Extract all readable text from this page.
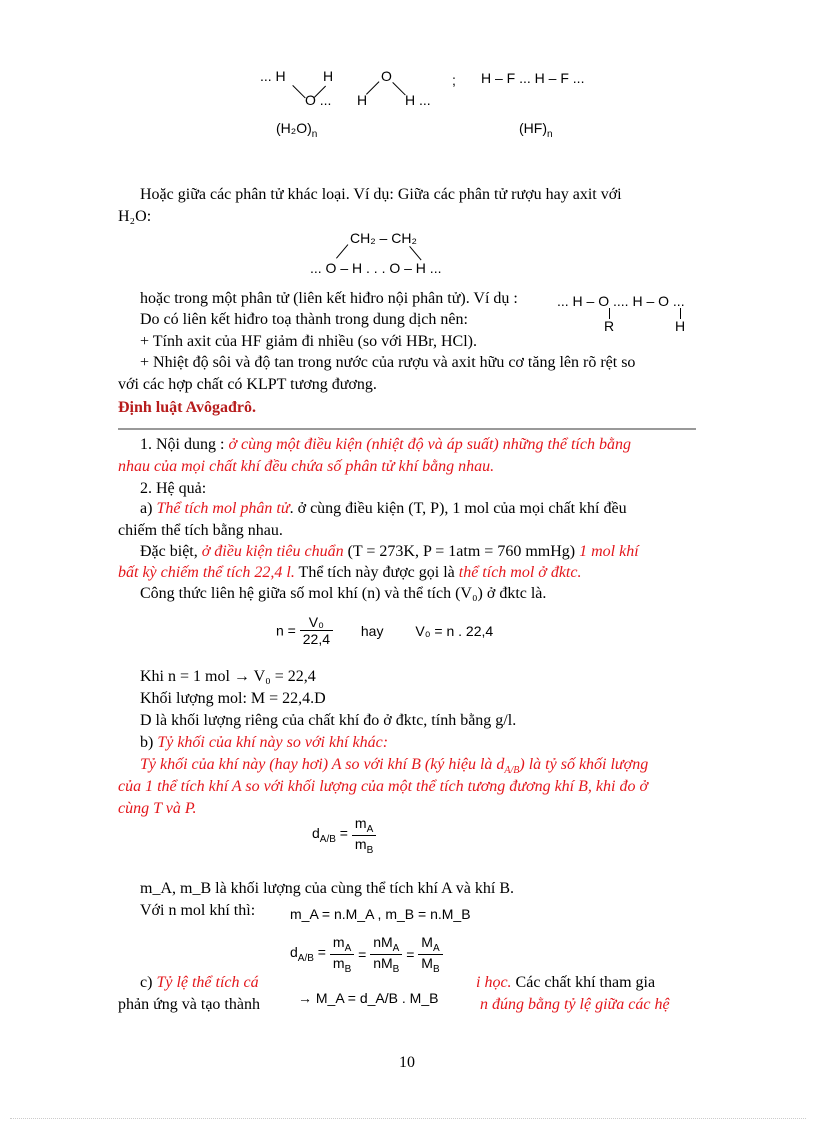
... H	H
O ...
O
H	H ...
; H – F ... H – F ...
$(H_2O)_n$	$(HF)_n$
Hoặc giữa các phân tử khác loại. Ví dụ: Giữa các phân tử rượu hay axit với
H₂O:
CH₂ – CH₂
... O – H . . . O – H ...
hoặc trong một phân tử (liên kết hiđro nội phân tử). Ví dụ :	... H – O .... H – O ...
R	H
Do có liên kết hiđro toạ thành trong dung dịch nên:
+ Tính axit của HF giảm đi nhiều (so với HBr, HCl).
+ Nhiệt độ sôi và độ tan trong nước của rượu và axit hữu cơ tăng lên rõ rệt so
với các hợp chất có KLPT tương đương.
Định luật Avôgađrô.
1. Nội dung : ở cùng một điều kiện (nhiệt độ và áp suất) những thể tích bằng
nhau của mọi chất khí đều chứa số phân tử khí bằng nhau.
2. Hệ quả:
a) Thể tích mol phân tử. ở cùng điều kiện (T, P), 1 mol của mọi chất khí đều
chiếm thể tích bằng nhau.
Đặc biệt, ở điều kiện tiêu chuẩn (T = 273K, P = 1atm = 760 mmHg) 1 mol khí
bất kỳ chiếm thể tích 22,4 l. Thể tích này được gọi là thể tích mol ở đktc.
Công thức liên hệ giữa số mol khí (n) và thể tích (V₀) ở đktc là.
$n = \frac{\text{V₀}}{22,4}$ hay V₀ = n . 22,4
Khi n = 1 mol → V₀ = 22,4
Khối lượng mol: M = 22,4.D
D là khối lượng riêng của chất khí đo ở đktc, tính bằng g/l.
b) Tỷ khối của khí này so với khí khác:
Tỷ khối của khí này (hay hơi) A so với khí B (ký hiệu là $d_{A/B}$) là tỷ số khối lượng
của 1 thể tích khí A so với khối lượng của một thể tích tương đương khí B, khi đo ở
cùng T và P.
$d_{A/B} = \frac{m_A}{m_B}$
m_A, m_B là khối lượng của cùng thể tích khí A và khí B.
Với n mol khí thì: m_A = n.M_A , m_B = n.M_B
$d_{A/B} = \frac{m_A}{m_B} = \frac{nM_A}{nM_B} = \frac{M_A}{M_B}$
c) Tỷ lệ thể tích cá	i học. Các chất khí tham gia
phản ứng và tạo thành	→ M_A = d_A/B . M_B	n đúng bằng tỷ lệ giữa các hệ
10
